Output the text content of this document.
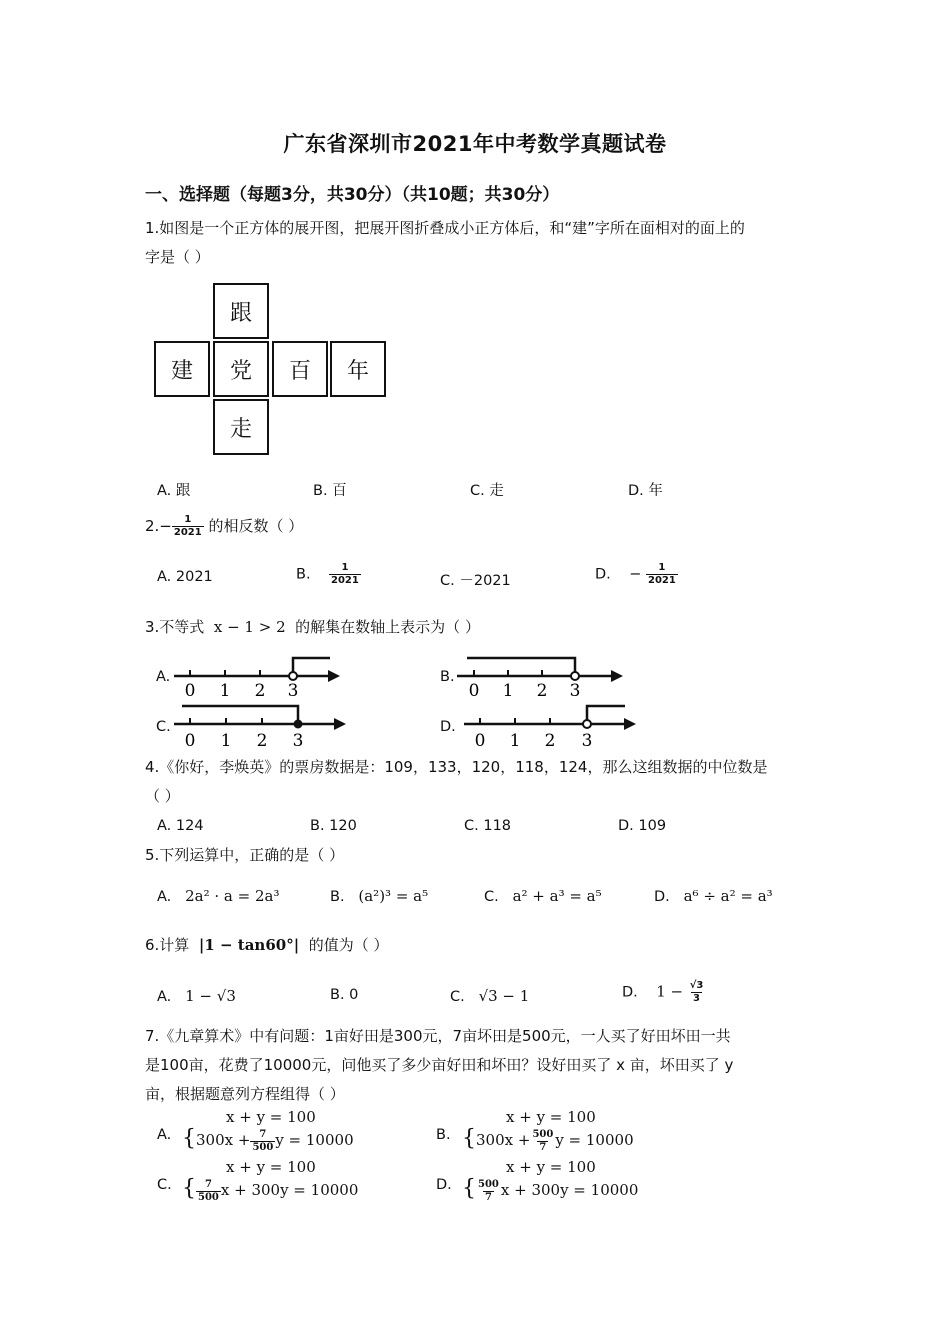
广东省深圳市2021年中考数学真题试卷
一、选择题（每题3分，共30分）（共10题；共30分）
1.如图是一个正方体的展开图，把展开图折叠成小正方体后，和“建”字所在面相对的面上的
字是（ ）
跟
建	党	百	年
走
A. 跟	B. 百	C. 走	D. 年
$2.- \frac{1}{2021}$ 的相反数（ ）
A. 2021	B. $\frac{1}{2021}$	C. －2021	D. − $\frac{1}{2021}$
3.不等式 x − 1 > 2 的解集在数轴上表示为（ ）
A.
0 1 2 3
B.
0 1 2 3
C.
0 1 2 3
D.
0 1 2 3
4.《你好，李焕英》的票房数据是：109，133，120，118，124，那么这组数据的中位数是
（ ）
A. 124	B. 120	C. 118	D. 109
5.下列运算中，正确的是（ ）
A. 2a² · a = 2a³	B. (a²)³ = a⁵	C. a² + a³ = a⁵	D. a⁶ ÷ a² = a³
6.计算 |1 − tan60°| 的值为（ ）
A. 1 − √3	B. 0	C. √3 − 1	D. $1 - \frac{√3}{3}$
7.《九章算术》中有问题：1亩好田是300元，7亩坏田是500元，一人买了好田坏田一共
是100亩，花费了10000元，问他买了多少亩好田和坏田？设好田买了 x 亩，坏田买了 y
亩，根据题意列方程组得（ ）
A.
x + y = 100
{$300x + \frac{7}{500}$ y = 10000	B.
x + y = 100
{$300x + \frac{500}{7}$ y = 10000
C.
x + y = 100
{ $\frac{7}{500}$ x + 300y = 10000	D.
x + y = 100
{ $\frac{500}{7}$ x + 300y = 10000
